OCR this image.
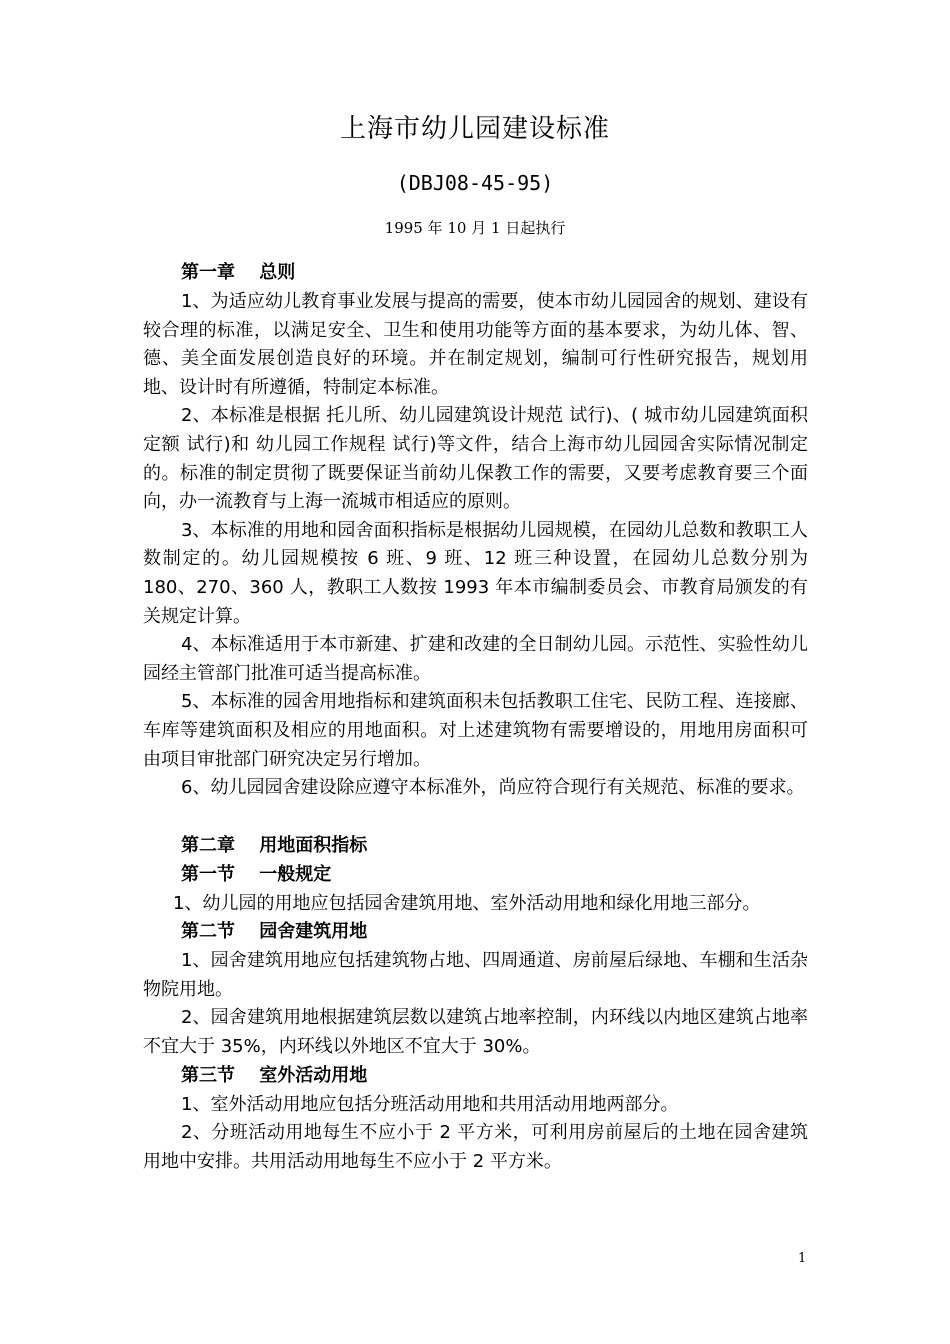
上海市幼儿园建设标准
(DBJ08-45-95)
1995 年 10 月 1 日起执行
第一章　 总则
1、为适应幼儿教育事业发展与提高的需要，使本市幼儿园园舍的规划、建设有较合理的标准，以满足安全、卫生和使用功能等方面的基本要求，为幼儿体、智、德、美全面发展创造良好的环境。并在制定规划，编制可行性研究报告，规划用地、设计时有所遵循，特制定本标准。
2、本标准是根据 托儿所、幼儿园建筑设计规范 试行)、( 城市幼儿园建筑面积定额 试行)和 幼儿园工作规程 试行)等文件，结合上海市幼儿园园舍实际情况制定的。标准的制定贯彻了既要保证当前幼儿保教工作的需要，又要考虑教育要三个面向，办一流教育与上海一流城市相适应的原则。
3、本标准的用地和园舍面积指标是根据幼儿园规模，在园幼儿总数和教职工人数制定的。幼儿园规模按 6 班、9 班、12 班三种设置，在园幼儿总数分别为 180、270、360 人，教职工人数按 1993 年本市编制委员会、市教育局颁发的有关规定计算。
4、本标准适用于本市新建、扩建和改建的全日制幼儿园。示范性、实验性幼儿园经主管部门批准可适当提高标准。
5、本标准的园舍用地指标和建筑面积未包括教职工住宅、民防工程、连接廊、车库等建筑面积及相应的用地面积。对上述建筑物有需要增设的，用地用房面积可由项目审批部门研究决定另行增加。
6、幼儿园园舍建设除应遵守本标准外，尚应符合现行有关规范、标准的要求。
第二章　 用地面积指标
第一节　 一般规定
1、幼儿园的用地应包括园舍建筑用地、室外活动用地和绿化用地三部分。
第二节　 园舍建筑用地
1、园舍建筑用地应包括建筑物占地、四周通道、房前屋后绿地、车棚和生活杂物院用地。
2、园舍建筑用地根据建筑层数以建筑占地率控制，内环线以内地区建筑占地率不宜大于 35%，内环线以外地区不宜大于 30%。
第三节　 室外活动用地
1、室外活动用地应包括分班活动用地和共用活动用地两部分。
2、分班活动用地每生不应小于 2 平方米，可利用房前屋后的土地在园舍建筑用地中安排。共用活动用地每生不应小于 2 平方米。
1
